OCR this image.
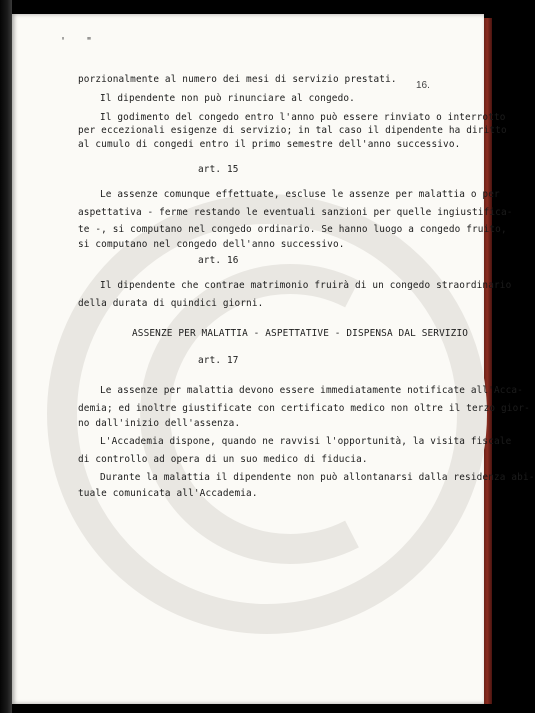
' "
16.
porzionalmente al numero dei mesi di servizio prestati.
Il dipendente non può rinunciare al congedo.
Il godimento del congedo entro l'anno può essere rinviato o interrotto
per eccezionali esigenze di servizio; in tal caso il dipendente ha diritto
al cumulo di congedi entro il primo semestre dell'anno successivo.
art. 15
Le assenze comunque effettuate, escluse le assenze per malattia o per
aspettativa - ferme restando le eventuali sanzioni per quelle ingiustifica-
te -, si computano nel congedo ordinario. Se hanno luogo a congedo fruito,
si computano nel congedo dell'anno successivo.
art. 16
Il dipendente che contrae matrimonio fruirà di un congedo straordinario
della durata di quindici giorni.
ASSENZE PER MALATTIA - ASPETTATIVE - DISPENSA DAL SERVIZIO
art. 17
Le assenze per malattia devono essere immediatamente notificate all'Acca-
demia; ed inoltre giustificate con certificato medico non oltre il terzo gior-
no dall'inizio dell'assenza.
L'Accademia dispone, quando ne ravvisi l'opportunità, la visita fiscale
di controllo ad opera di un suo medico di fiducia.
Durante la malattia il dipendente non può allontanarsi dalla residenza abi-
tuale comunicata all'Accademia.
